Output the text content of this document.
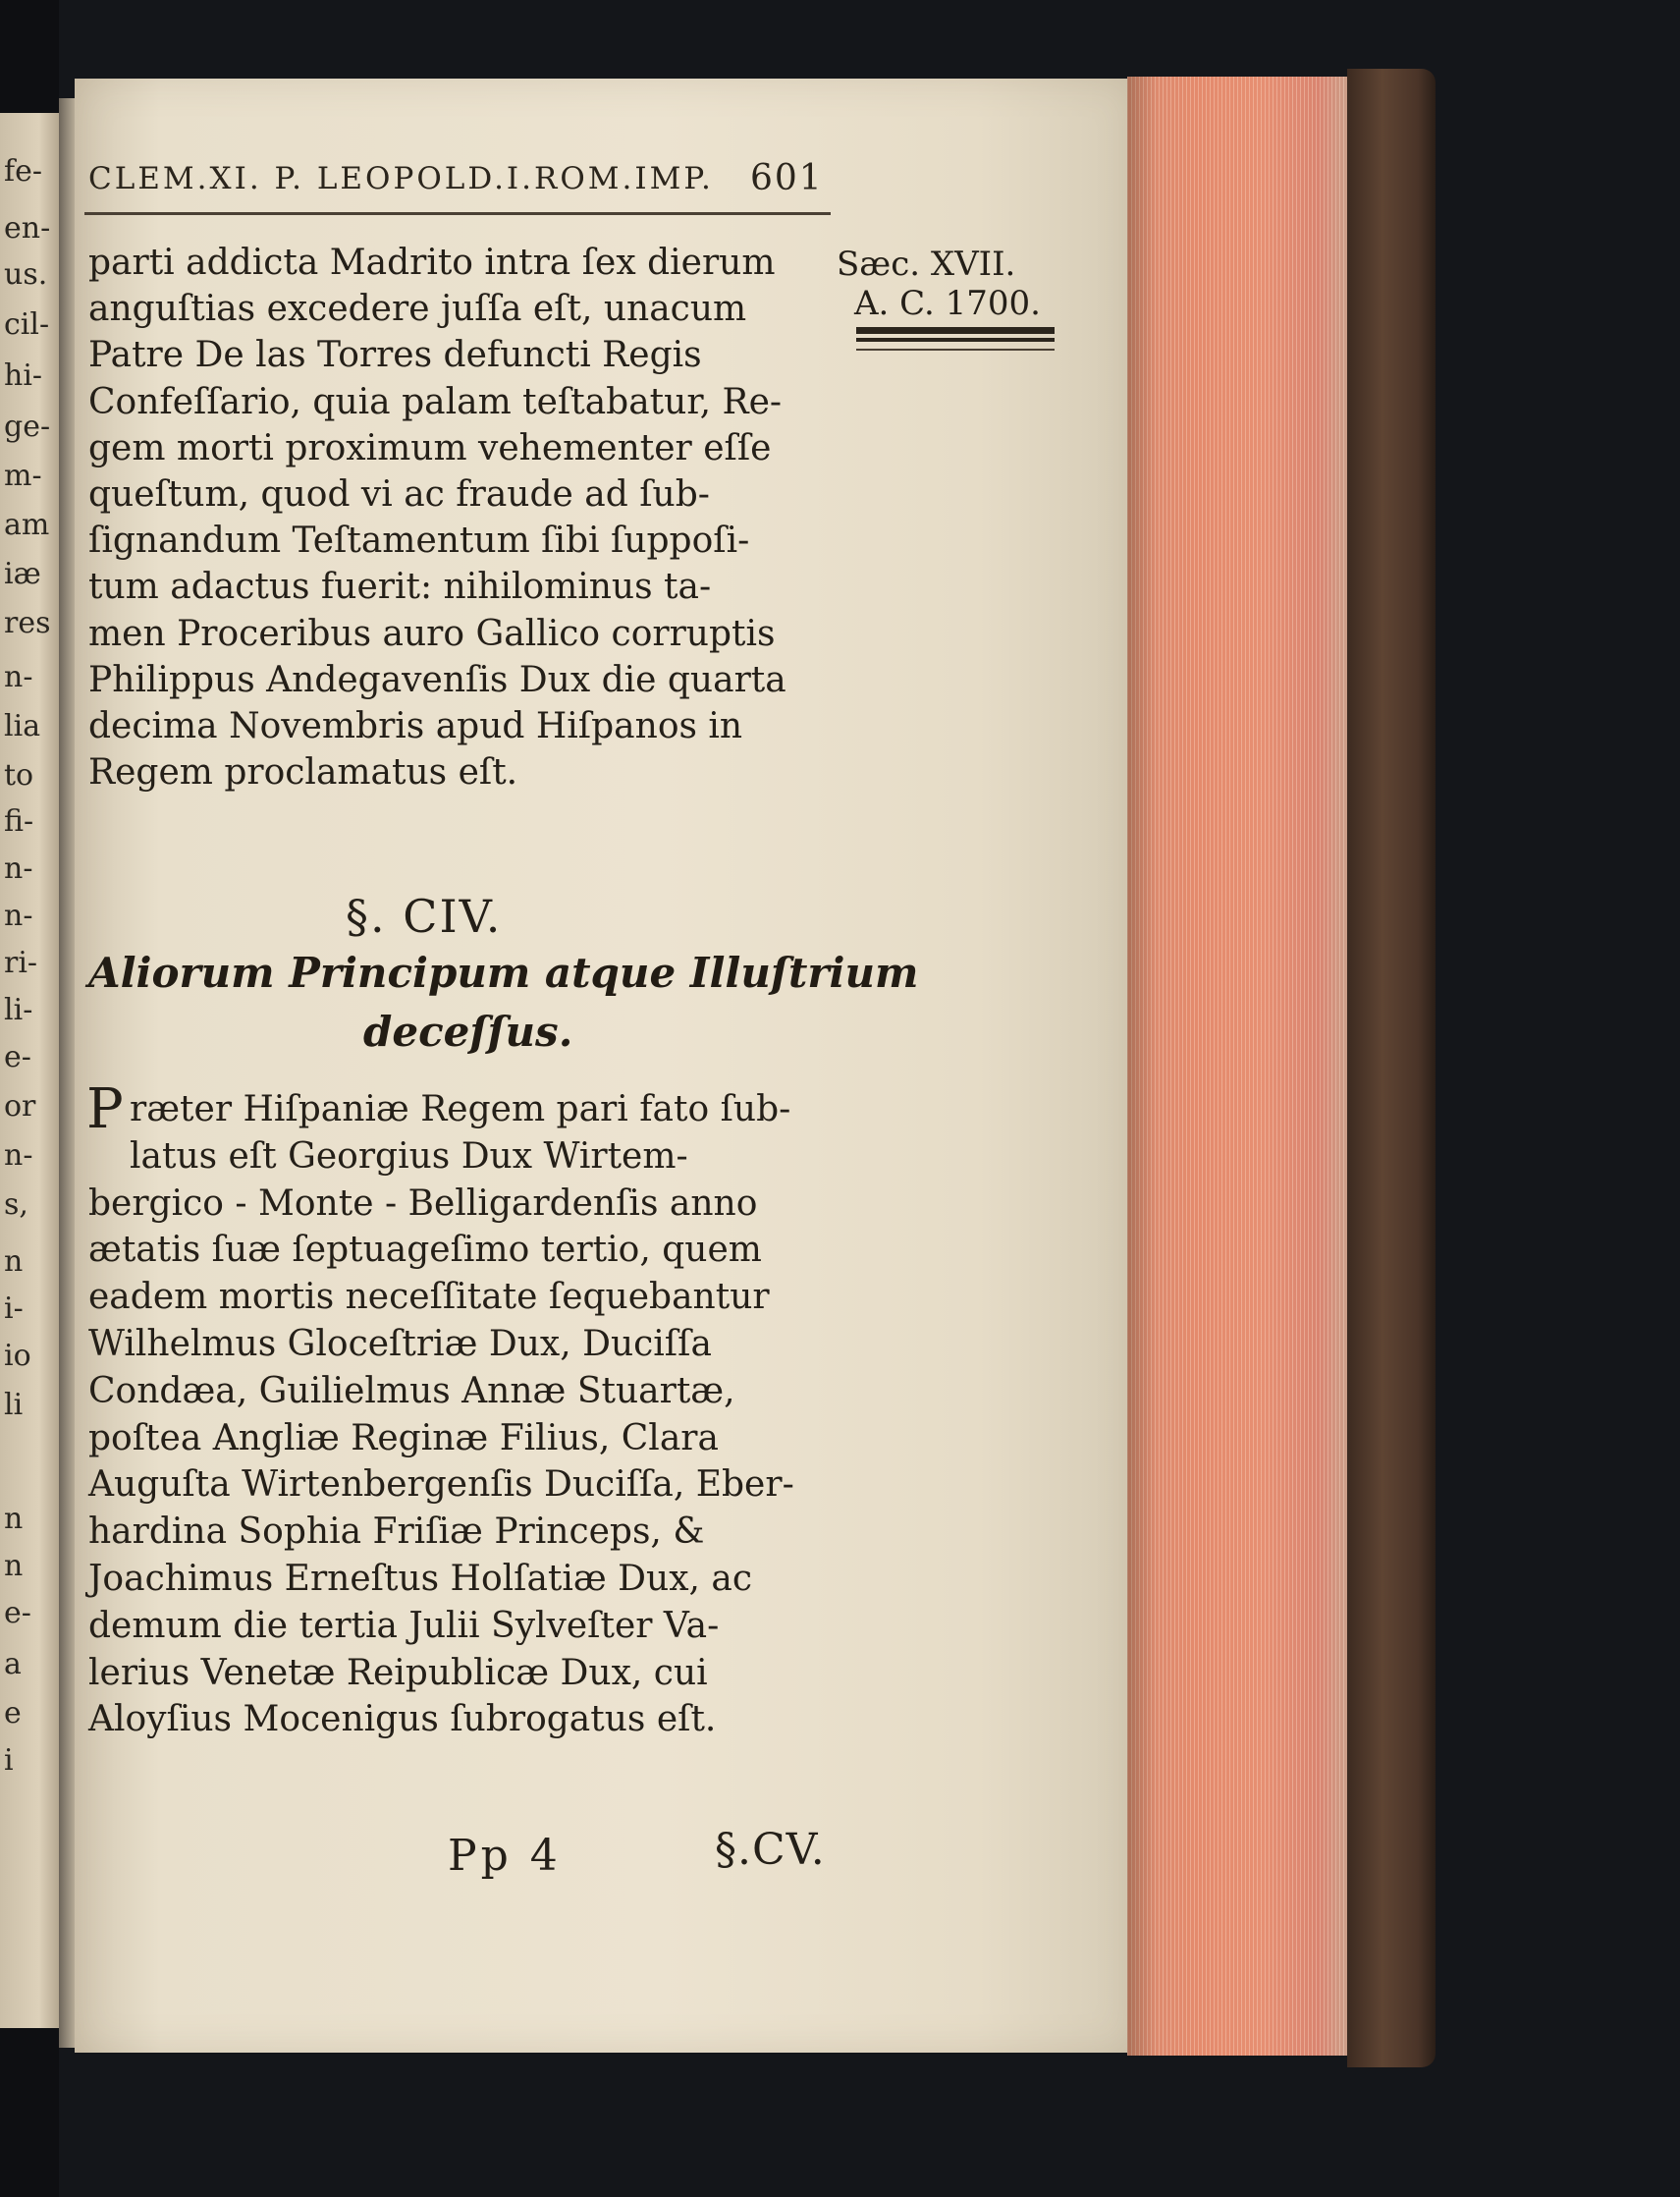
fe-
en-
us.
cil-
hi-
ge-
m-
am
iæ
res
n-
lia
to
fi-
n-
n-
ri-
li-
e-
or
n-
s,
n
i-
io
li
n
n
e-
a
e
i
CLEM.XI. P. LEOPOLD.I.ROM.IMP. 601
Sæc. XVII.
A. C. 1700.
parti addicta Madrito intra ſex dierum
anguſtias excedere juſſa eſt, unacum
Patre De las Torres defuncti Regis
Confeſſario, quia palam teſtabatur, Re-
gem morti proximum vehementer eſſe
queſtum, quod vi ac fraude ad ſub-
ſignandum Teſtamentum ſibi ſuppoſi-
tum adactus fuerit: nihilominus ta-
men Proceribus auro Gallico corruptis
Philippus Andegavenſis Dux die quarta
decima Novembris apud Hiſpanos in
Regem proclamatus eſt.
§. CIV.
Aliorum Principum atque Illuſtrium
deceſſus.
P ræter Hiſpaniæ Regem pari fato ſub-
latus eſt Georgius Dux Wirtem-
bergico - Monte - Belligardenſis anno
ætatis ſuæ ſeptuageſimo tertio, quem
eadem mortis neceſſitate ſequebantur
Wilhelmus Gloceſtriæ Dux, Duciſſa
Condæa, Guilielmus Annæ Stuartæ,
poſtea Angliæ Reginæ Filius, Clara
Auguſta Wirtenbergenſis Duciſſa, Eber-
hardina Sophia Friſiæ Princeps, &
Joachimus Erneſtus Holſatiæ Dux, ac
demum die tertia Julii Sylveſter Va-
lerius Venetæ Reipublicæ Dux, cui
Aloyſius Mocenigus ſubrogatus eſt.
Pp 4	§.CV.
